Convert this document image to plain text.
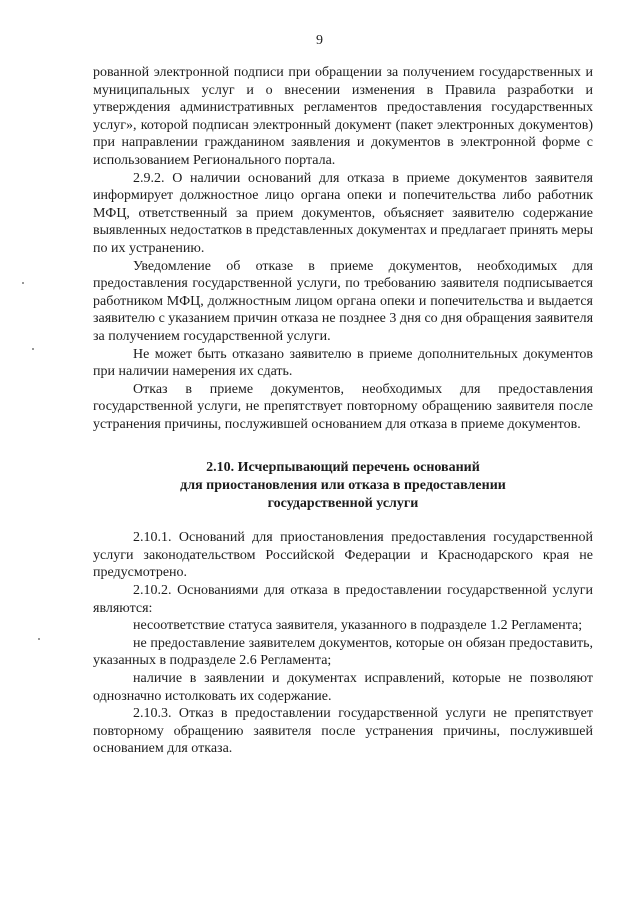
9

рованной электронной подписи при обращении за получением государственных и муниципальных услуг и о внесении изменения в Правила разработки и утверждения административных регламентов предоставления государственных услуг», которой подписан электронный документ (пакет электронных документов) при направлении гражданином заявления и документов в электронной форме с использованием Регионального портала.

2.9.2. О наличии оснований для отказа в приеме документов заявителя информирует должностное лицо органа опеки и попечительства либо работник МФЦ, ответственный за прием документов, объясняет заявителю содержание выявленных недостатков в представленных документах и предлагает принять меры по их устранению.

Уведомление об отказе в приеме документов, необходимых для предоставления государственной услуги, по требованию заявителя подписывается работником МФЦ, должностным лицом органа опеки и попечительства и выдается заявителю с указанием причин отказа не позднее 3 дня со дня обращения заявителя за получением государственной услуги.

Не может быть отказано заявителю в приеме дополнительных документов при наличии намерения их сдать.

Отказ в приеме документов, необходимых для предоставления государственной услуги, не препятствует повторному обращению заявителя после устранения причины, послужившей основанием для отказа в приеме документов.

2.10. Исчерпывающий перечень оснований
для приостановления или отказа в предоставлении
государственной услуги

2.10.1. Оснований для приостановления предоставления государственной услуги законодательством Российской Федерации и Краснодарского края не предусмотрено.

2.10.2. Основаниями для отказа в предоставлении государственной услуги являются:

несоответствие статуса заявителя, указанного в подразделе 1.2 Регламента;

не предоставление заявителем документов, которые он обязан предоставить, указанных в подразделе 2.6 Регламента;

наличие в заявлении и документах исправлений, которые не позволяют однозначно истолковать их содержание.

2.10.3. Отказ в предоставлении государственной услуги не препятствует повторному обращению заявителя после устранения причины, послужившей основанием для отказа.
